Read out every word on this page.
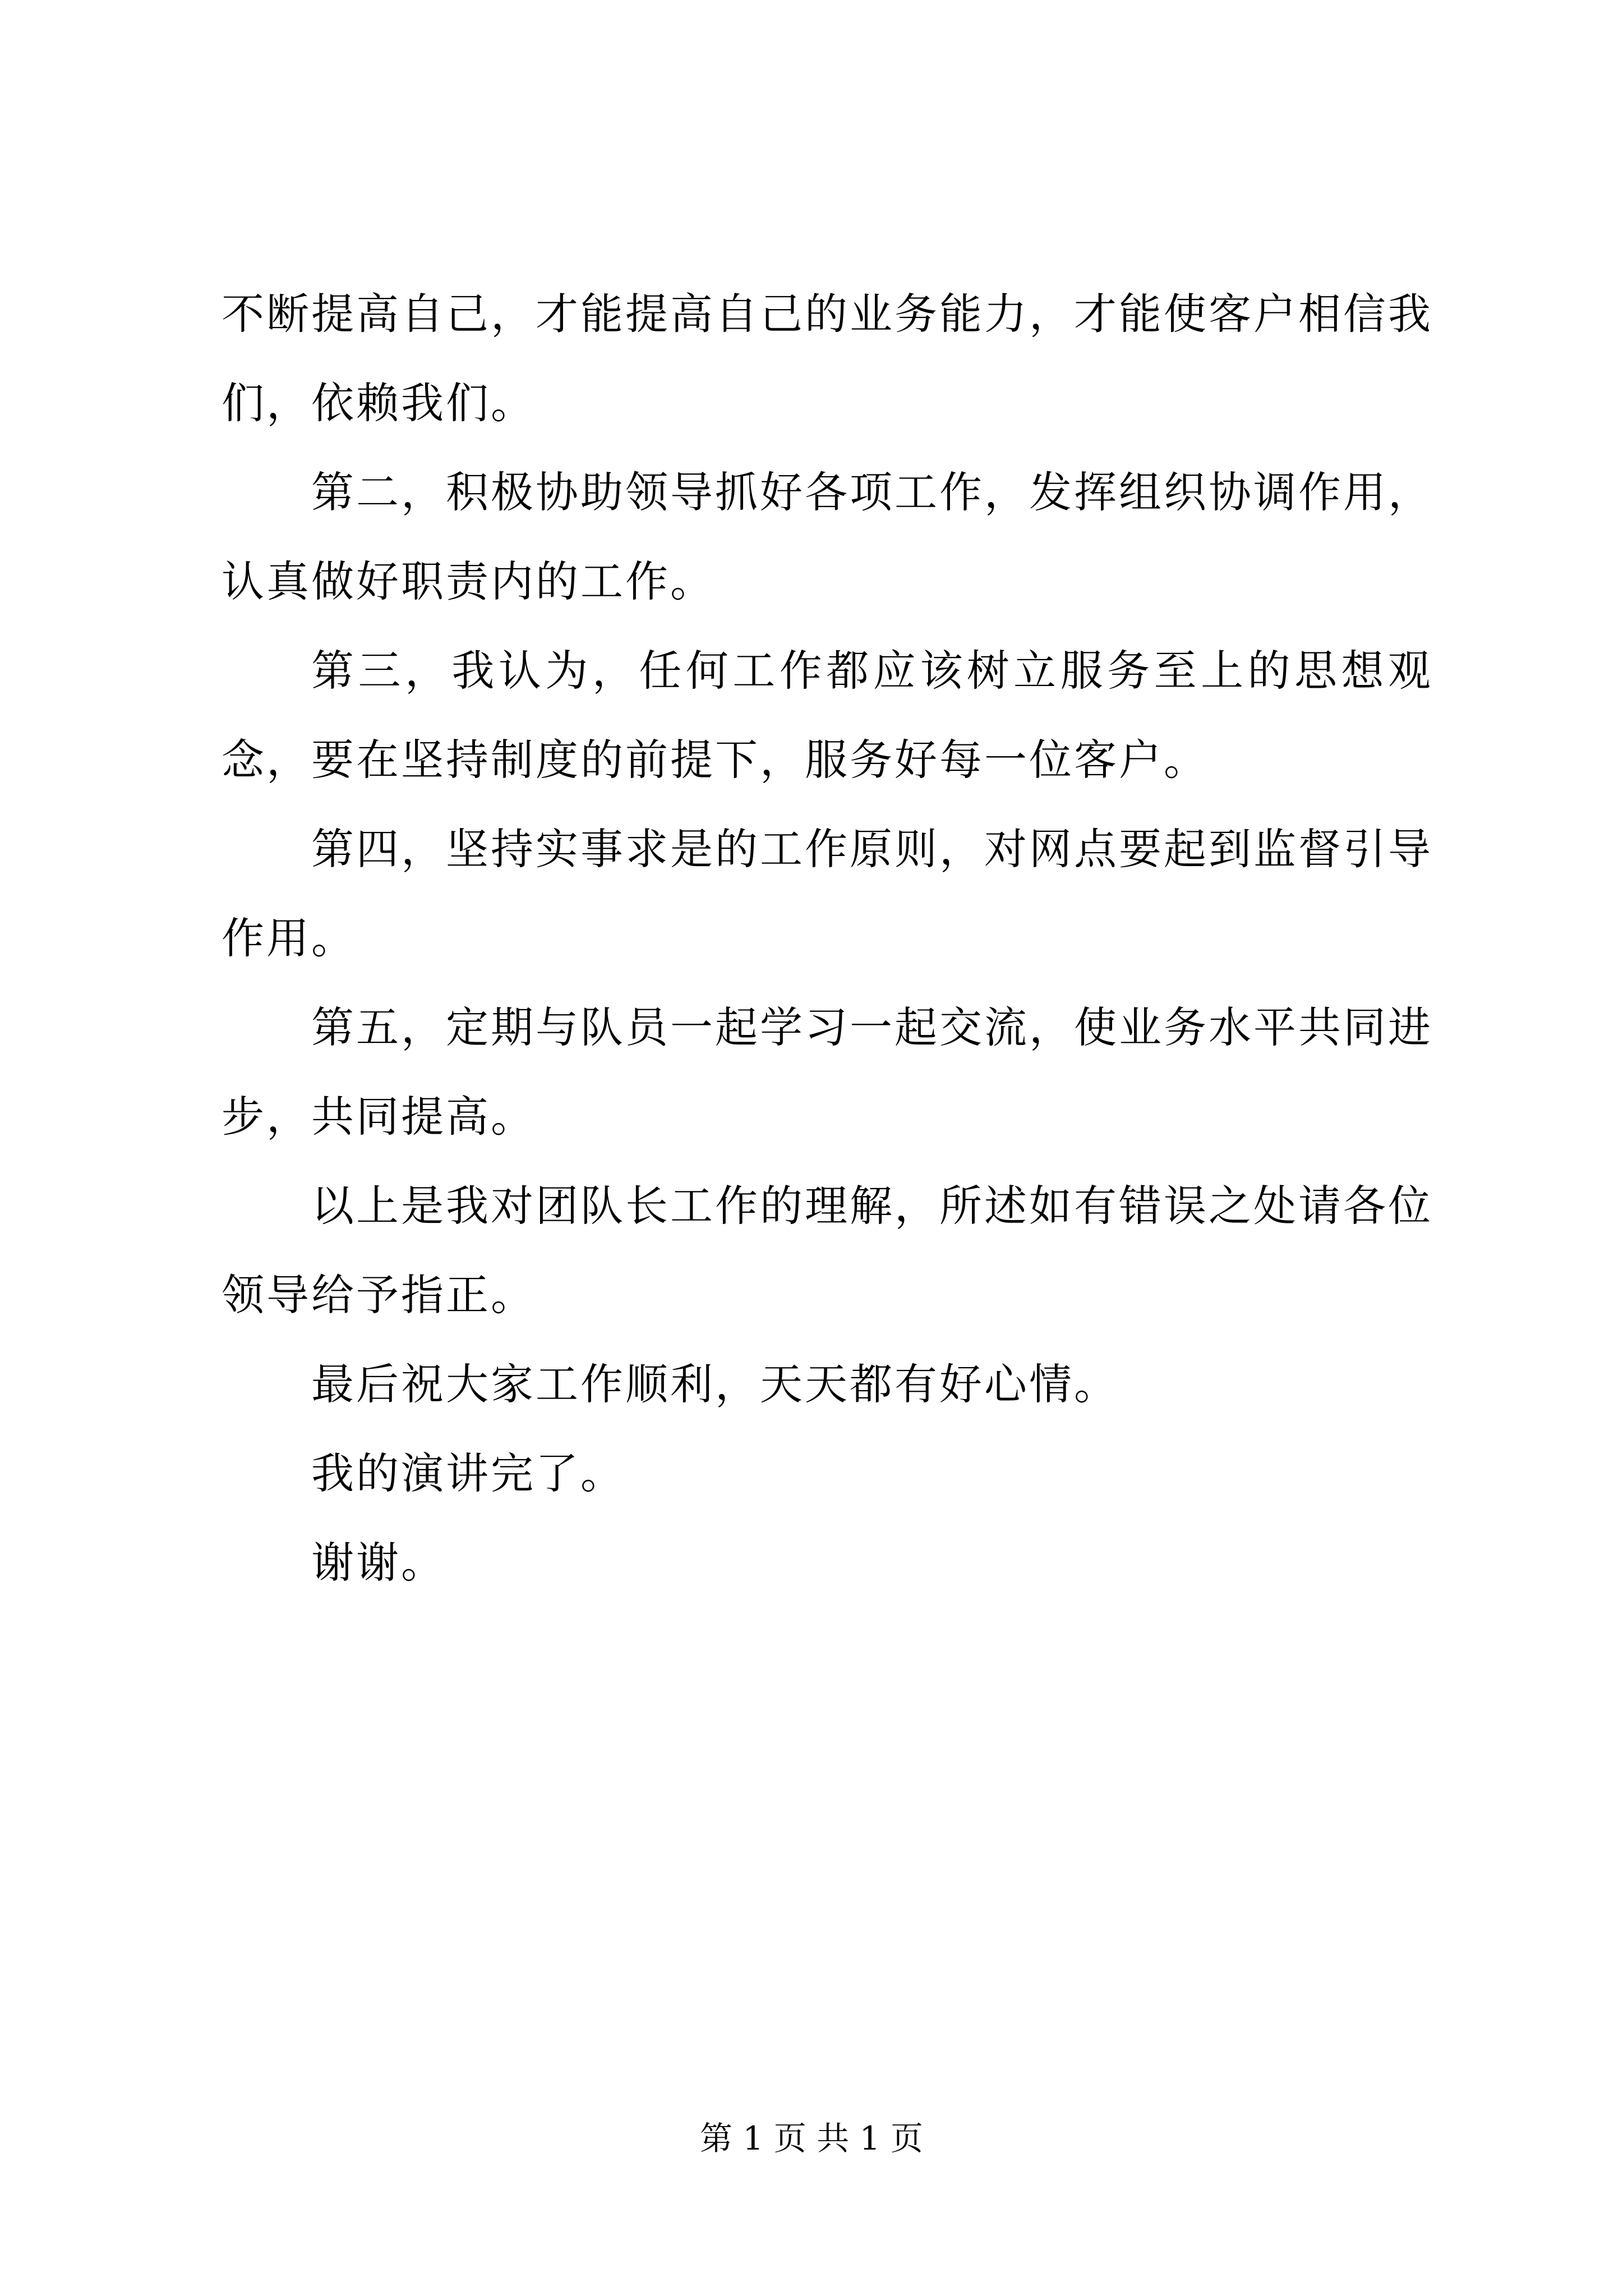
不断提高自己，才能提高自己的业务能力，才能使客户相信我们，依赖我们。

第二，积极协助领导抓好各项工作，发挥组织协调作用，认真做好职责内的工作。

第三，我认为，任何工作都应该树立服务至上的思想观念，要在坚持制度的前提下，服务好每一位客户。

第四，坚持实事求是的工作原则，对网点要起到监督引导作用。

第五，定期与队员一起学习一起交流，使业务水平共同进步，共同提高。

以上是我对团队长工作的理解，所述如有错误之处请各位领导给予指正。

最后祝大家工作顺利，天天都有好心情。

我的演讲完了。

谢谢。

第 1 页 共 1 页
